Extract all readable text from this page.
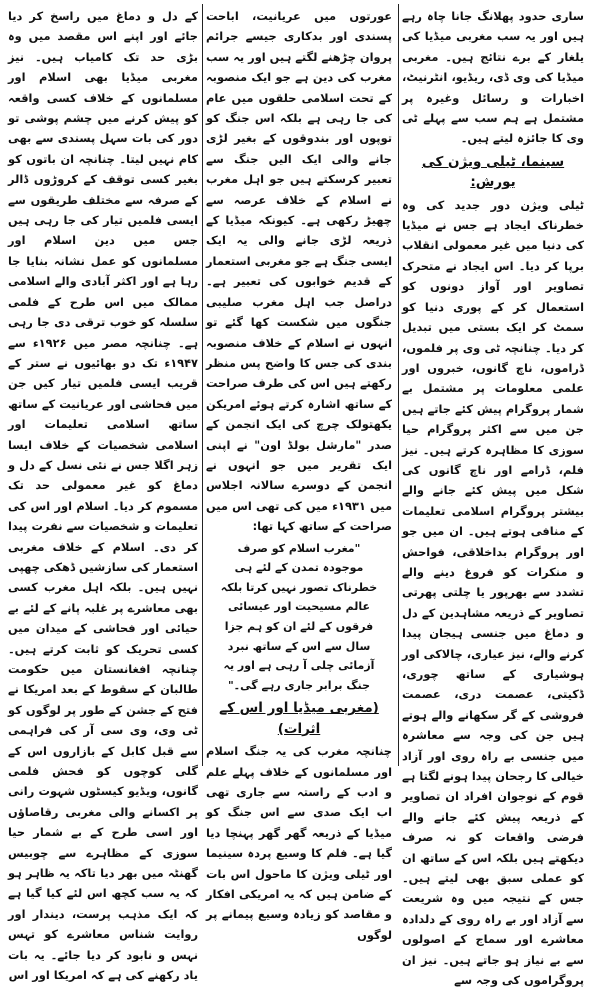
ساری حدود پھلانگ جانا چاہ رہے ہیں اور یہ سب مغربی میڈیا کی یلغار کے برے نتائج ہیں۔ مغربی میڈیا کی وی ڈی، ریڈیو، انٹرنیٹ، اخبارات و رسائل وغیرہ پر مشتمل ہے ہم سب سے پہلے ٹی وی کا جائزہ لیتے ہیں۔

سینما، ٹیلی ویژن کی یورش:

ٹیلی ویژن دور جدید کی وہ خطرناک ایجاد ہے جس نے میڈیا کی دنیا میں غیر معمولی انقلاب برپا کر دیا۔ اس ایجاد نے متحرک تصاویر اور آواز دونوں کو استعمال کر کے پوری دنیا کو سمٹ کر ایک بستی میں تبدیل کر دیا۔ چنانچہ ٹی وی پر فلموں، ڈراموں، ناچ گانوں، خبروں اور علمی معلومات پر مشتمل بے شمار پروگرام پیش کئے جاتے ہیں جن میں سے اکثر پروگرام حیا سوزی کا مظاہرہ کرتے ہیں۔ نیز فلم، ڈرامے اور ناچ گانوں کی شکل میں پیش کئے جانے والے بیشتر پروگرام اسلامی تعلیمات کے منافی ہوتے ہیں۔ ان میں جو اور پروگرام بداخلاقی، فواحش و منکرات کو فروغ دینے والے تشدد سے بھرپور یا چلتی پھرتی تصاویر کے ذریعہ مشاہدین کے دل و دماغ میں جنسی ہیجان پیدا کرنے والے، نیز عیاری، چالاکی اور ہوشیاری کے ساتھ چوری، ڈکیتی، عصمت دری، عصمت فروشی کے گر سکھانے والے ہوتے ہیں جن کی وجہ سے معاشرہ میں جنسی بے راہ روی اور آزاد خیالی کا رجحان پیدا ہونے لگتا ہے قوم کے نوجوان افراد ان تصاویر کے ذریعہ پیش کئے جانے والے فرضی واقعات کو نہ صرف دیکھتے ہیں بلکہ اس کے ساتھ ان کو عملی سبق بھی لیتے ہیں۔ جس کے نتیجہ میں وہ شریعت سے آزاد اور بے راہ روی کے دلدادہ معاشرے اور سماج کے اصولوں سے بے نیاز ہو جاتے ہیں۔ نیز ان پروگراموں کی وجہ سے

عورتوں میں عریانیت، اباحت پسندی اور بدکاری جیسے جرائم پروان چڑھنے لگتے ہیں اور یہ سب مغرب کی دین ہے جو ایک منصوبہ کے تحت اسلامی حلقوں میں عام کی جا رہی ہے بلکہ اس جنگ کو توپوں اور بندوقوں کے بغیر لڑی جانے والی ایک الیں جنگ سے تعبیر کرسکتے ہیں جو اہل مغرب نے اسلام کے خلاف عرصہ سے چھیڑ رکھی ہے۔ کیونکہ میڈیا کے ذریعہ لڑی جانے والی یہ ایک ایسی جنگ ہے جو مغربی استعمار کے قدیم خوابوں کی تعبیر ہے۔ دراصل جب اہل مغرب صلیبی جنگوں میں شکست کھا گئے تو انہوں نے اسلام کے خلاف منصوبہ بندی کی جس کا واضح پس منظر رکھتے ہیں اس کی طرف صراحت کے ساتھ اشارہ کرتے ہوئے امریکن یکھتولک چرچ کی ایک انجمن کے صدر "مارشل بولڈ اون" نے اپنی ایک تقریر میں جو انہوں نے انجمن کے دوسرے سالانہ اجلاس میں ۱۹۳۱ء میں کی تھی اس میں صراحت کے ساتھ کہا تھا:

"مغرب اسلام کو صرف موجودہ تمدن کے لئے ہی خطرناک تصور نہیں کرتا بلکہ عالم مسیحیت اور عیسائی فرقوں کے لئے ان کو ہم جزا سال سے اس کے ساتھ نبرد آزمائی چلی آ رہی ہے اور یہ جنگ برابر جاری رہے گی۔"
(مغربی میڈیا اور اس کے اثرات)

چنانچہ مغرب کی یہ جنگ اسلام اور مسلمانوں کے خلاف پہلے علم و ادب کے راستہ سے جاری تھی اب ایک صدی سے اس جنگ کو میڈیا کے ذریعہ گھر گھر پہنچا دیا گیا ہے۔ فلم کا وسیع پردہ سینیما اور ٹیلی ویژن کا ماحول اس بات کے ضامن ہیں کہ یہ امریکی افکار و مقاصد کو زیادہ وسیع پیمانے پر لوگوں

کے دل و دماغ میں راسخ کر دیا جائے اور اپنے اس مقصد میں وہ بڑی حد تک کامیاب ہیں۔ نیز مغربی میڈیا بھی اسلام اور مسلمانوں کے خلاف کسی واقعہ کو پیش کرنے میں چشم پوشی تو دور کی بات سہل پسندی سے بھی کام نہیں لیتا۔ چنانچہ ان باتوں کو بغیر کسی توقف کے کروڑوں ڈالر کے صرفہ سے مختلف طریقوں سے ایسی فلمیں تیار کی جا رہی ہیں جس میں دین اسلام اور مسلمانوں کو عمل نشانہ بنایا جا رہا ہے اور اکثر آبادی والے اسلامی ممالک میں اس طرح کے فلمی سلسلہ کو خوب ترقی دی جا رہی ہے۔ چنانچہ مصر میں ۱۹۲۶ء سے ۱۹۴۷ء تک دو بھائیوں نے ستر کے قریب ایسی فلمیں تیار کیں جن میں فحاشی اور عریانیت کے ساتھ ساتھ اسلامی تعلیمات اور اسلامی شخصیات کے خلاف ایسا زہر اگلا جس نے نئی نسل کے دل و دماغ کو غیر معمولی حد تک مسموم کر دیا۔ اسلام اور اس کی تعلیمات و شخصیات سے نفرت پیدا کر دی۔ اسلام کے خلاف مغربی استعمار کی سازشیں ڈھکی چھپی نہیں ہیں۔ بلکہ اہل مغرب کسی بھی معاشرے پر غلبہ پانے کے لئے بے حیائی اور فحاشی کے میدان میں کسی تحریک کو ثابت کرتے ہیں۔ چنانچہ افغانستان میں حکومت طالبان کے سقوط کے بعد امریکا نے فتح کے جشن کے طور پر لوگوں کو ٹی وی، وی سی آر کی فراہمی سے قبل کابل کے بازاروں اس کے گلی کوچوں کو فحش فلمی گانوں، ویڈیو کیسٹوں شہوت رانی پر اکسانے والی مغربی رقاصاؤں اور اسی طرح کے بے شمار حیا سوزی کے مظاہرے سے چوبیس گھنٹہ میں بھر دیا تاکہ یہ ظاہر ہو کہ یہ سب کچھ اس لئے کیا گیا ہے کہ ایک مذہب پرست، دیندار اور روایت شناس معاشرے کو تہس نہس و نابود کر دیا جائے۔ یہ بات یاد رکھنے کی ہے کہ امریکا اور اس
